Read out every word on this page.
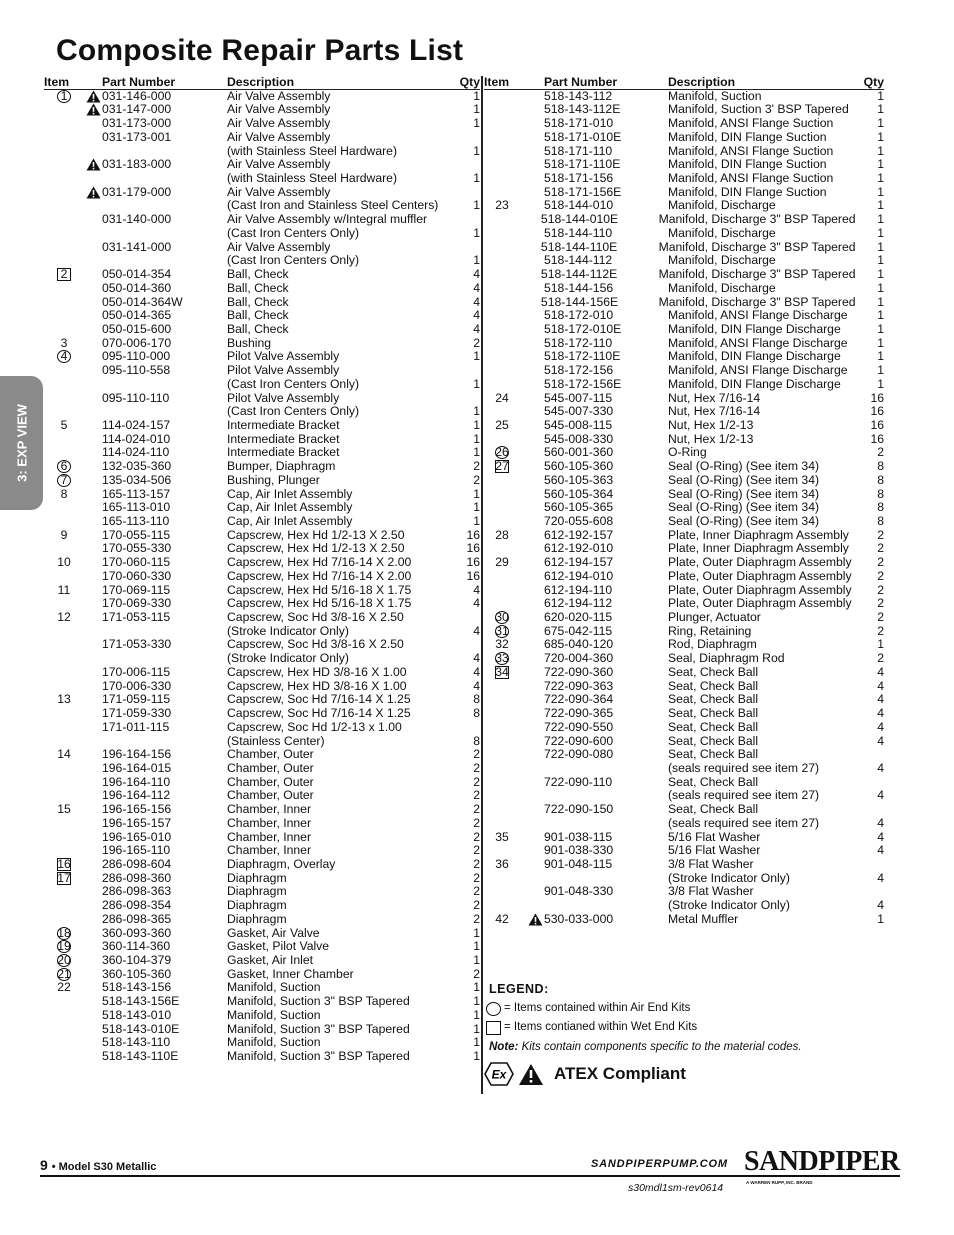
Composite Repair Parts List
3: EXP VIEW
Item	Part Number	Description	Qty
1	031-146-000	Air Valve Assembly	1
031-147-000	Air Valve Assembly	1
031-173-000	Air Valve Assembly	1
031-173-001	Air Valve Assembly
(with Stainless Steel Hardware)	1
031-183-000	Air Valve Assembly
(with Stainless Steel Hardware)	1
031-179-000	Air Valve Assembly
(Cast Iron and Stainless Steel Centers)	1
031-140-000	Air Valve Assembly w/Integral muffler
(Cast Iron Centers Only)	1
031-141-000	Air Valve Assembly
(Cast Iron Centers Only)	1
2	050-014-354	Ball, Check	4
050-014-360	Ball, Check	4
050-014-364W	Ball, Check	4
050-014-365	Ball, Check	4
050-015-600	Ball, Check	4
3	070-006-170	Bushing	2
4	095-110-000	Pilot Valve Assembly	1
095-110-558	Pilot Valve Assembly
(Cast Iron Centers Only)	1
095-110-110	Pilot Valve Assembly
(Cast Iron Centers Only)	1
5	114-024-157	Intermediate Bracket	1
114-024-010	Intermediate Bracket	1
114-024-110	Intermediate Bracket	1
6	132-035-360	Bumper, Diaphragm	2
7	135-034-506	Bushing, Plunger	2
8	165-113-157	Cap, Air Inlet Assembly	1
165-113-010	Cap, Air Inlet Assembly	1
165-113-110	Cap, Air Inlet Assembly	1
9	170-055-115	Capscrew, Hex Hd 1/2-13 X 2.50	16
170-055-330	Capscrew, Hex Hd 1/2-13 X 2.50	16
10	170-060-115	Capscrew, Hex Hd 7/16-14 X 2.00	16
170-060-330	Capscrew, Hex Hd 7/16-14 X 2.00	16
11	170-069-115	Capscrew, Hex Hd 5/16-18 X 1.75	4
170-069-330	Capscrew, Hex Hd 5/16-18 X 1.75	4
12	171-053-115	Capscrew, Soc Hd 3/8-16 X 2.50
(Stroke Indicator Only)	4
171-053-330	Capscrew, Soc Hd 3/8-16 X 2.50
(Stroke Indicator Only)	4
170-006-115	Capscrew, Hex HD 3/8-16 X 1.00	4
170-006-330	Capscrew, Hex HD 3/8-16 X 1.00	4
13	171-059-115	Capscrew, Soc Hd 7/16-14 X 1.25	8
171-059-330	Capscrew, Soc Hd 7/16-14 X 1.25	8
171-011-115	Capscrew, Soc Hd 1/2-13 x 1.00
(Stainless Center)	8
14	196-164-156	Chamber, Outer	2
196-164-015	Chamber, Outer	2
196-164-110	Chamber, Outer	2
196-164-112	Chamber, Outer	2
15	196-165-156	Chamber, Inner	2
196-165-157	Chamber, Inner	2
196-165-010	Chamber, Inner	2
196-165-110	Chamber, Inner	2
16	286-098-604	Diaphragm, Overlay	2
17	286-098-360	Diaphragm	2
286-098-363	Diaphragm	2
286-098-354	Diaphragm	2
286-098-365	Diaphragm	2
18	360-093-360	Gasket, Air Valve	1
19	360-114-360	Gasket, Pilot Valve	1
20	360-104-379	Gasket, Air Inlet	1
21	360-105-360	Gasket, Inner Chamber	2
22	518-143-156	Manifold, Suction	1
518-143-156E	Manifold, Suction 3" BSP Tapered	1
518-143-010	Manifold, Suction	1
518-143-010E	Manifold, Suction 3" BSP Tapered	1
518-143-110	Manifold, Suction	1
518-143-110E	Manifold, Suction 3" BSP Tapered	1
Item	Part Number	Description	Qty
518-143-112	Manifold, Suction	1
518-143-112E	Manifold, Suction 3' BSP Tapered	1
518-171-010	Manifold, ANSI Flange Suction	1
518-171-010E	Manifold, DIN Flange Suction	1
518-171-110	Manifold, ANSI Flange Suction	1
518-171-110E	Manifold, DIN Flange Suction	1
518-171-156	Manifold, ANSI Flange Suction	1
518-171-156E	Manifold, DIN Flange Suction	1
23	518-144-010	Manifold, Discharge	1
518-144-010E	Manifold, Discharge 3" BSP Tapered	1
518-144-110	Manifold, Discharge	1
518-144-110E	Manifold, Discharge 3" BSP Tapered	1
518-144-112	Manifold, Discharge	1
518-144-112E	Manifold, Discharge 3" BSP Tapered	1
518-144-156	Manifold, Discharge	1
518-144-156E	Manifold, Discharge 3" BSP Tapered	1
518-172-010	Manifold, ANSI Flange Discharge	1
518-172-010E	Manifold, DIN Flange Discharge	1
518-172-110	Manifold, ANSI Flange Discharge	1
518-172-110E	Manifold, DIN Flange Discharge	1
518-172-156	Manifold, ANSI Flange Discharge	1
518-172-156E	Manifold, DIN Flange Discharge	1
24	545-007-115	Nut, Hex 7/16-14	16
545-007-330	Nut, Hex 7/16-14	16
25	545-008-115	Nut, Hex 1/2-13	16
545-008-330	Nut, Hex 1/2-13	16
26	560-001-360	O-Ring	2
27	560-105-360	Seal (O-Ring) (See item 34)	8
560-105-363	Seal (O-Ring) (See item 34)	8
560-105-364	Seal (O-Ring) (See item 34)	8
560-105-365	Seal (O-Ring) (See item 34)	8
720-055-608	Seal (O-Ring) (See item 34)	8
28	612-192-157	Plate, Inner Diaphragm Assembly	2
612-192-010	Plate, Inner Diaphragm Assembly	2
29	612-194-157	Plate, Outer Diaphragm Assembly	2
612-194-010	Plate, Outer Diaphragm Assembly	2
612-194-110	Plate, Outer Diaphragm Assembly	2
612-194-112	Plate, Outer Diaphragm Assembly	2
30	620-020-115	Plunger, Actuator	2
31	675-042-115	Ring, Retaining	2
32	685-040-120	Rod, Diaphragm	1
33	720-004-360	Seal, Diaphragm Rod	2
34	722-090-360	Seat, Check Ball	4
722-090-363	Seat, Check Ball	4
722-090-364	Seat, Check Ball	4
722-090-365	Seat, Check Ball	4
722-090-550	Seat, Check Ball	4
722-090-600	Seat, Check Ball	4
722-090-080	Seat, Check Ball
(seals required see item 27)	4
722-090-110	Seat, Check Ball
(seals required see item 27)	4
722-090-150	Seat, Check Ball
(seals required see item 27)	4
35	901-038-115	5/16 Flat Washer	4
901-038-330	5/16 Flat Washer	4
36	901-048-115	3/8 Flat Washer
(Stroke Indicator Only)	4
901-048-330	3/8 Flat Washer
(Stroke Indicator Only)	4
42	530-033-000	Metal Muffler	1
LEGEND:
= Items contained within Air End Kits
= Items contianed within Wet End Kits
Note: Kits contain components specific to the material codes.
Ex	ATEX Compliant
9 • Model S30 Metallic	SANDPIPERPUMP.COM
s30mdl1sm-rev0614
SANDPIPER
A WARREN RUPP, INC. BRAND
